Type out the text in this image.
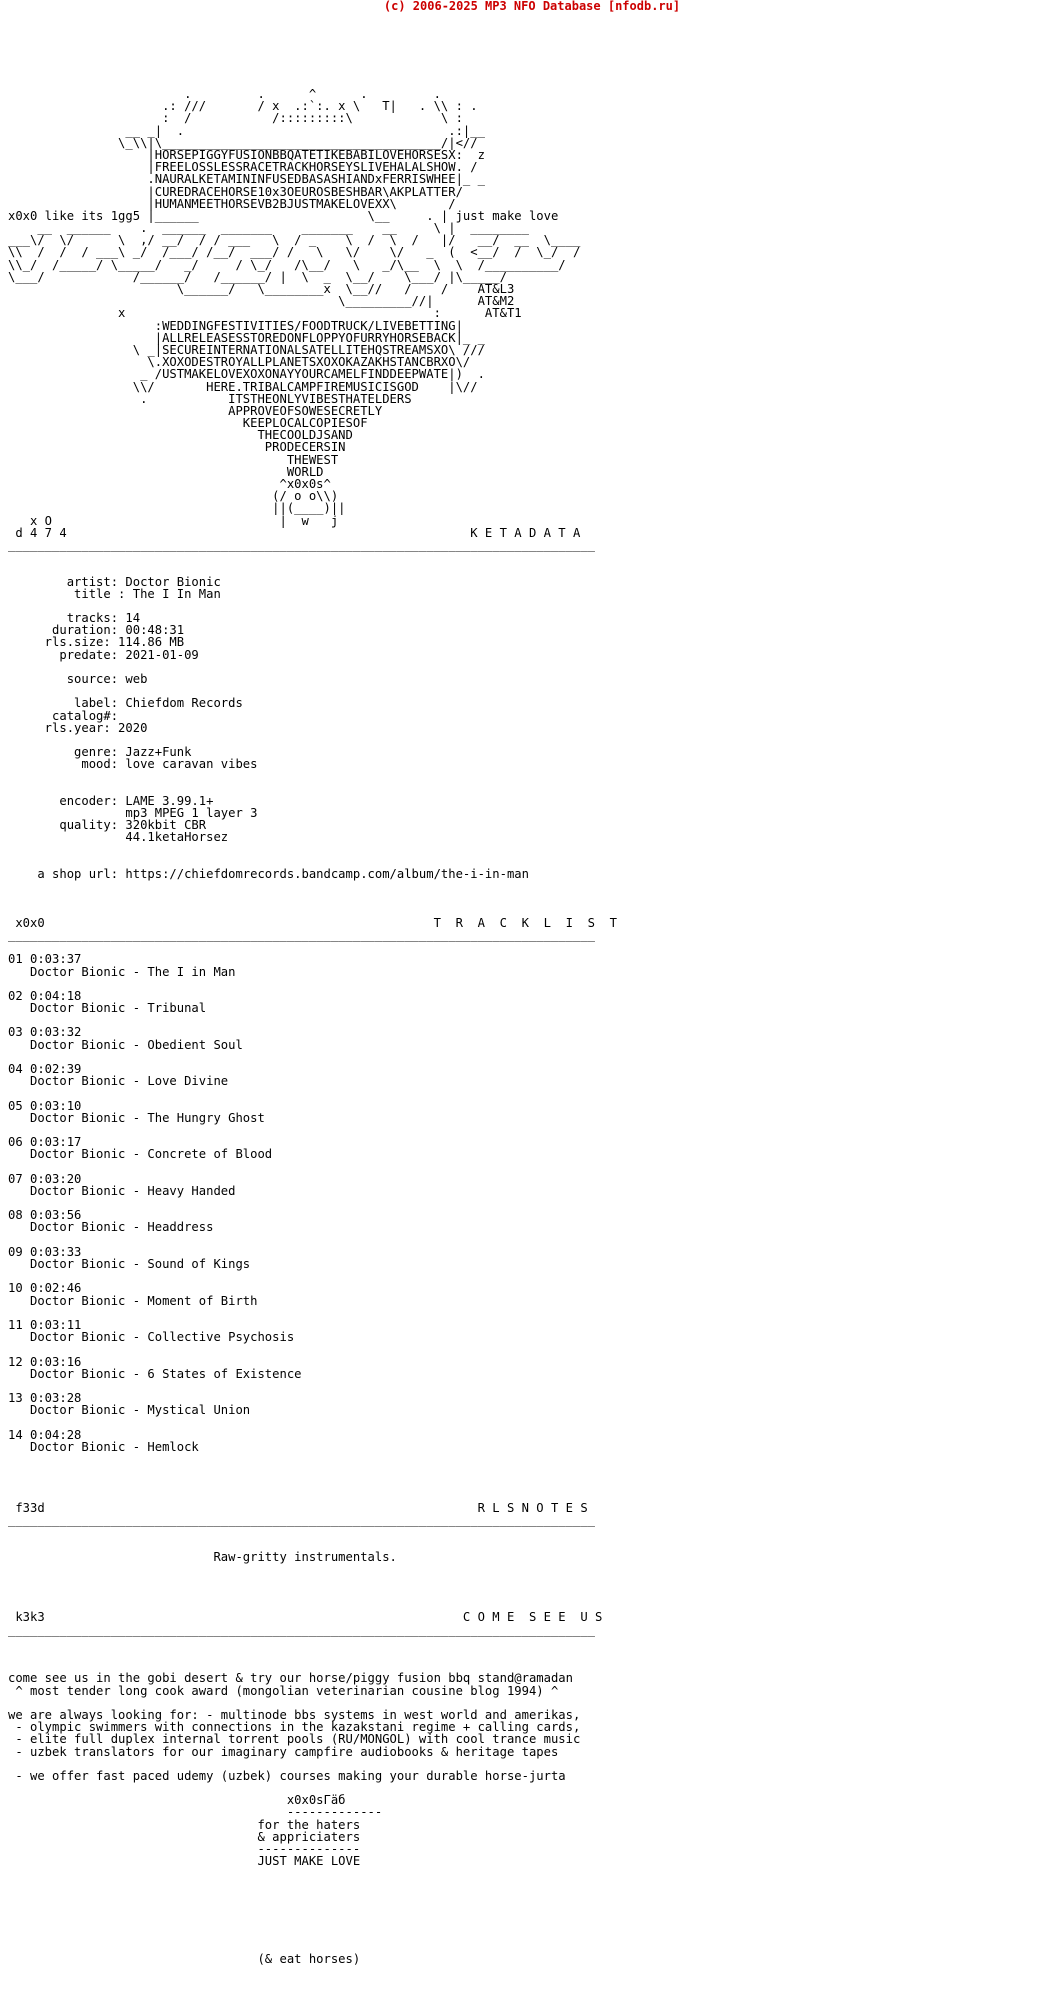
(c) 2006-2025 MP3 NFO Database [nfodb.ru]
.         .      ^      .         .
.: ///       / x  .:`:. x \   T|   . \\ : .
:  /           /:::::::::\            \ :
__ _|  .                                    .:|__
\_\\|\______________________________________/|<//
|HORSEPIGGYFUSIONBBQATETIKEBABILOVEHORSESX:  z
|FREELOSSLESSRACETRACKHORSEYSLIVEHALALSHOW. /
.NAURALKETAMININFUSEDBASASHIANDxFERRISWHEE|_ _
|CUREDRACEHORSE10x3OEUROSBESHBAR\AKPLATTER/
|HUMANMEETHORSEVB2BJUSTMAKELOVEXX\       /
x0x0 like its 1gg5 |______                       \__     . | just make love
__  ______    .  ______  _______    _______    __     \ |  ________
___\/  \/      \  ,/ __/  / / ___   \  / _    \  /  \  /   |/   __/  __  \____
\\  /  /  / ___\ _/  /___/ /__/  ___/ /   \   \/    \/   _  (  <__/  /  \_/  /
\\_/  /_____/ \_____/   _/     / \_/   /\__/   \   _/\__  \  \  /__________/
\___/            /______/   /______/ |  \  _  \__/    \___/ |\_____/
\______/   \________x  \__//   /    /    AT&L3
\_________//|      AT&M2
x                                          :      AT&T1
:WEDDINGFESTIVITIES/FOODTRUCK/LIVEBETTING|
|ALLRELEASESSTOREDONFLOPPYOFURRYHORSEBACK|_ _
\ _|SECUREINTERNATIONALSATELLITEHQSTREAMSXO\ ///
\.XOXODESTROYALLPLANETSXOXOKAZAKHSTANCBRXO\/
_ /USTMAKELOVEXOXONAYYOURCAMELFINDDEEPWATE|)  .
\\/       HERE.TRIBALCAMPFIREMUSICISGOD    |\//
.           ITSTHEONLYVIBESTHATELDERS
APPROVEOFSOWESECRETLY
KEEPLOCALCOPIESOF
THECOOLDJSAND
PRODECERSIN
THEWEST
WORLD
^x0x0s^
(/ o o\\)
||(____)||
x O                               |  w   j
d 4 7 4                                                       K E T A D A T A
________________________________________________________________________________
artist: Doctor Bionic
title : The I In Man
tracks: 14
duration: 00:48:31
rls.size: 114.86 MB
predate: 2021-01-09
source: web
label: Chiefdom Records
catalog#:
rls.year: 2020
genre: Jazz+Funk
mood: love caravan vibes
encoder: LAME 3.99.1+
mp3 MPEG 1 layer 3
quality: 320kbit CBR
44.1ketaHorsez
a shop url: https://chiefdomrecords.bandcamp.com/album/the-i-in-man
x0x0                                                     T  R  A  C  K  L  I  S  T
________________________________________________________________________________
01 0:03:37
Doctor Bionic - The I in Man
02 0:04:18
Doctor Bionic - Tribunal
03 0:03:32
Doctor Bionic - Obedient Soul
04 0:02:39
Doctor Bionic - Love Divine
05 0:03:10
Doctor Bionic - The Hungry Ghost
06 0:03:17
Doctor Bionic - Concrete of Blood
07 0:03:20
Doctor Bionic - Heavy Handed
08 0:03:56
Doctor Bionic - Headdress
09 0:03:33
Doctor Bionic - Sound of Kings
10 0:02:46
Doctor Bionic - Moment of Birth
11 0:03:11
Doctor Bionic - Collective Psychosis
12 0:03:16
Doctor Bionic - 6 States of Existence
13 0:03:28
Doctor Bionic - Mystical Union
14 0:04:28
Doctor Bionic - Hemlock
f33d                                                           R L S N O T E S
________________________________________________________________________________
Raw-gritty instrumentals.
k3k3                                                         C O M E  S E E  U S
________________________________________________________________________________
come see us in the gobi desert & try our horse/piggy fusion bbq stand@ramadan
^ most tender long cook award (mongolian veterinarian cousine blog 1994) ^
we are always looking for: - multinode bbs systems in west world and amerikas,
- olympic swimmers with connections in the kazakstani regime + calling cards,
- elite full duplex internal torrent pools (RU/MONGOL) with cool trance music
- uzbek translators for our imaginary campfire audiobooks & heritage tapes
- we offer fast paced udemy (uzbek) courses making your durable horse-jurta
x0x0sГäб
-------------
for the haters
& appriciaters
--------------
JUST MAKE LOVE
(& eat horses)
